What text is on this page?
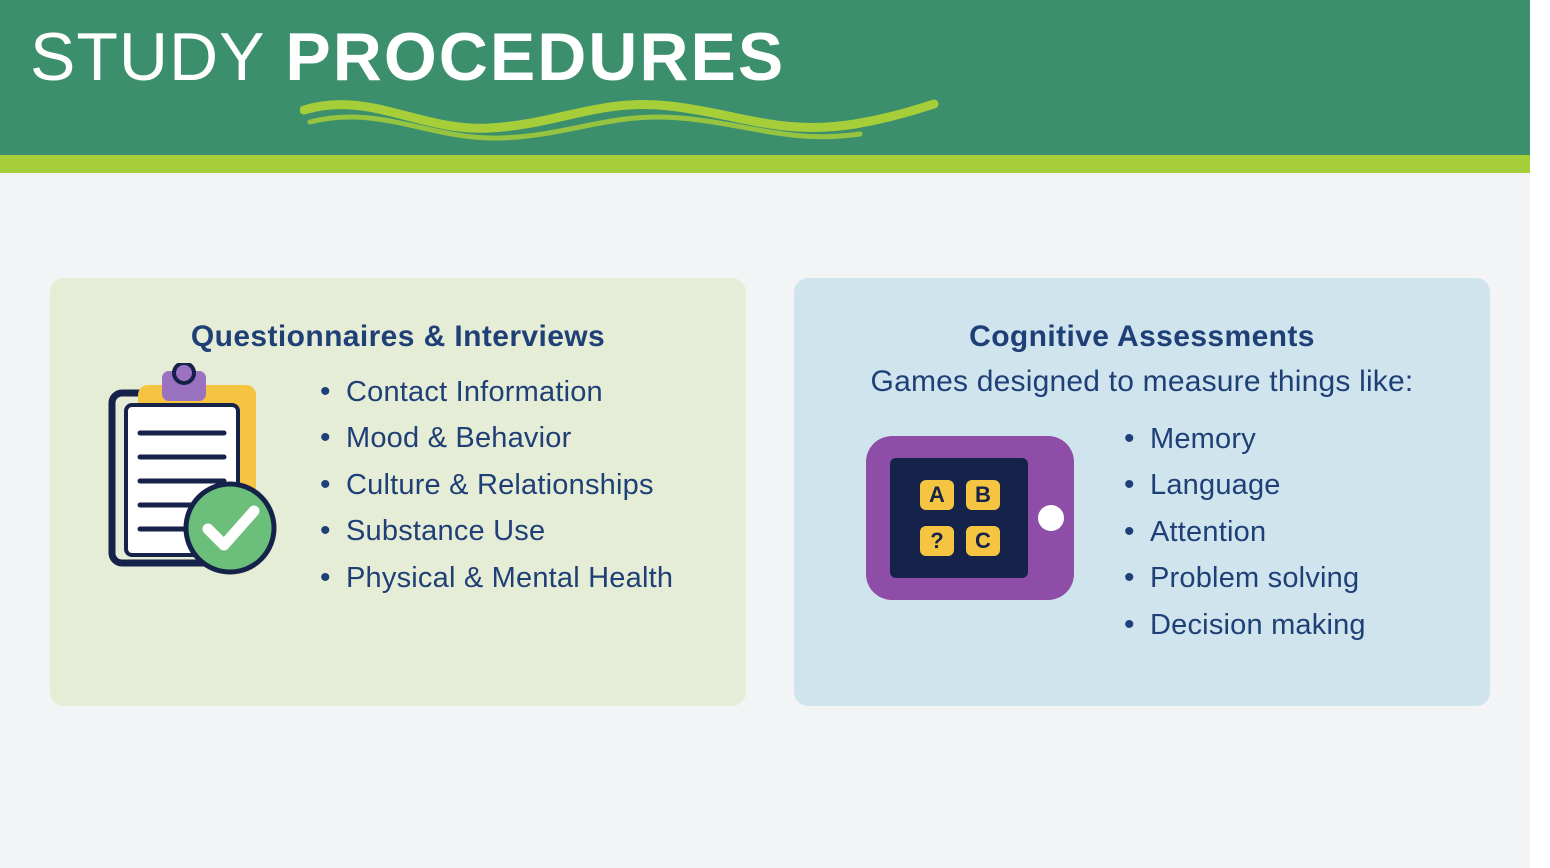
STUDY PROCEDURES
Questionnaires & Interviews
• Contact Information
• Mood & Behavior
• Culture & Relationships
• Substance Use
• Physical & Mental Health
Cognitive Assessments
Games designed to measure things like:
A B
? C
• Memory
• Language
• Attention
• Problem solving
• Decision making
